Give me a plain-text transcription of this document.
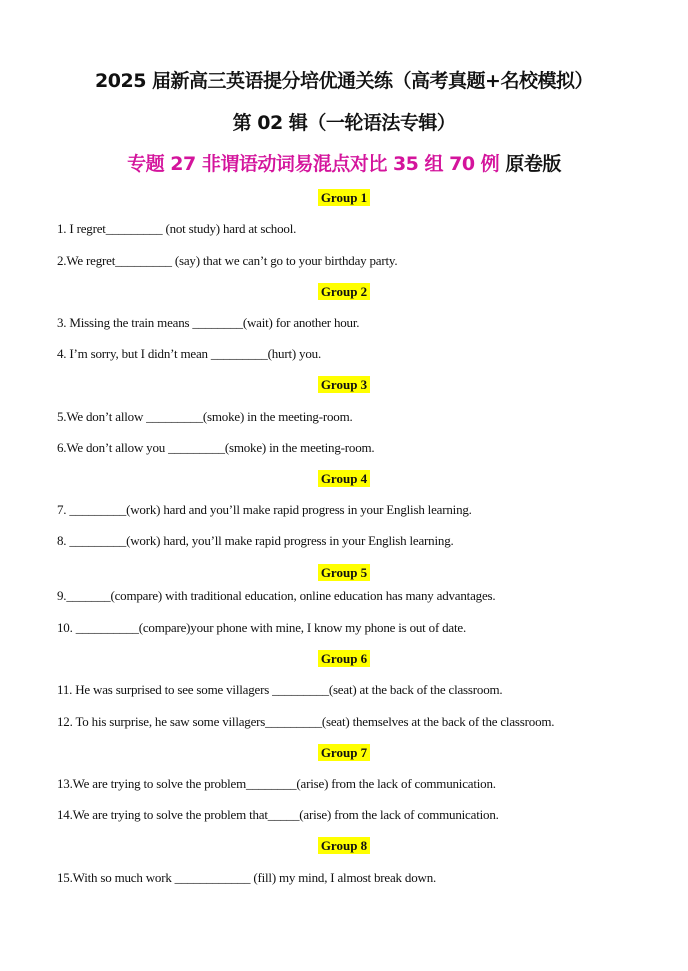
2025 届新高三英语提分培优通关练（高考真题+名校模拟）
第 02 辑（一轮语法专辑）
专题 27 非谓语动词易混点对比 35 组 70 例 原卷版
Group 1
1. I regret_________ (not study) hard at school.
2.We regret_________ (say) that we can’t go to your birthday party.
Group 2
3. Missing the train means ________(wait) for another hour.
4. I’m sorry, but I didn’t mean _________(hurt) you.
Group 3
5.We don’t allow _________(smoke) in the meeting-room.
6.We don’t allow you _________(smoke) in the meeting-room.
Group 4
7. _________(work) hard and you’ll make rapid progress in your English learning.
8. _________(work) hard, you’ll make rapid progress in your English learning.
Group 5
9._______(compare) with traditional education, online education has many advantages.
10. __________(compare)your phone with mine, I know my phone is out of date.
Group 6
11. He was surprised to see some villagers _________(seat) at the back of the classroom.
12. To his surprise, he saw some villagers_________(seat) themselves at the back of the classroom.
Group 7
13.We are trying to solve the problem________(arise) from the lack of communication.
14.We are trying to solve the problem that_____(arise) from the lack of communication.
Group 8
15.With so much work ____________ (fill) my mind, I almost break down.
